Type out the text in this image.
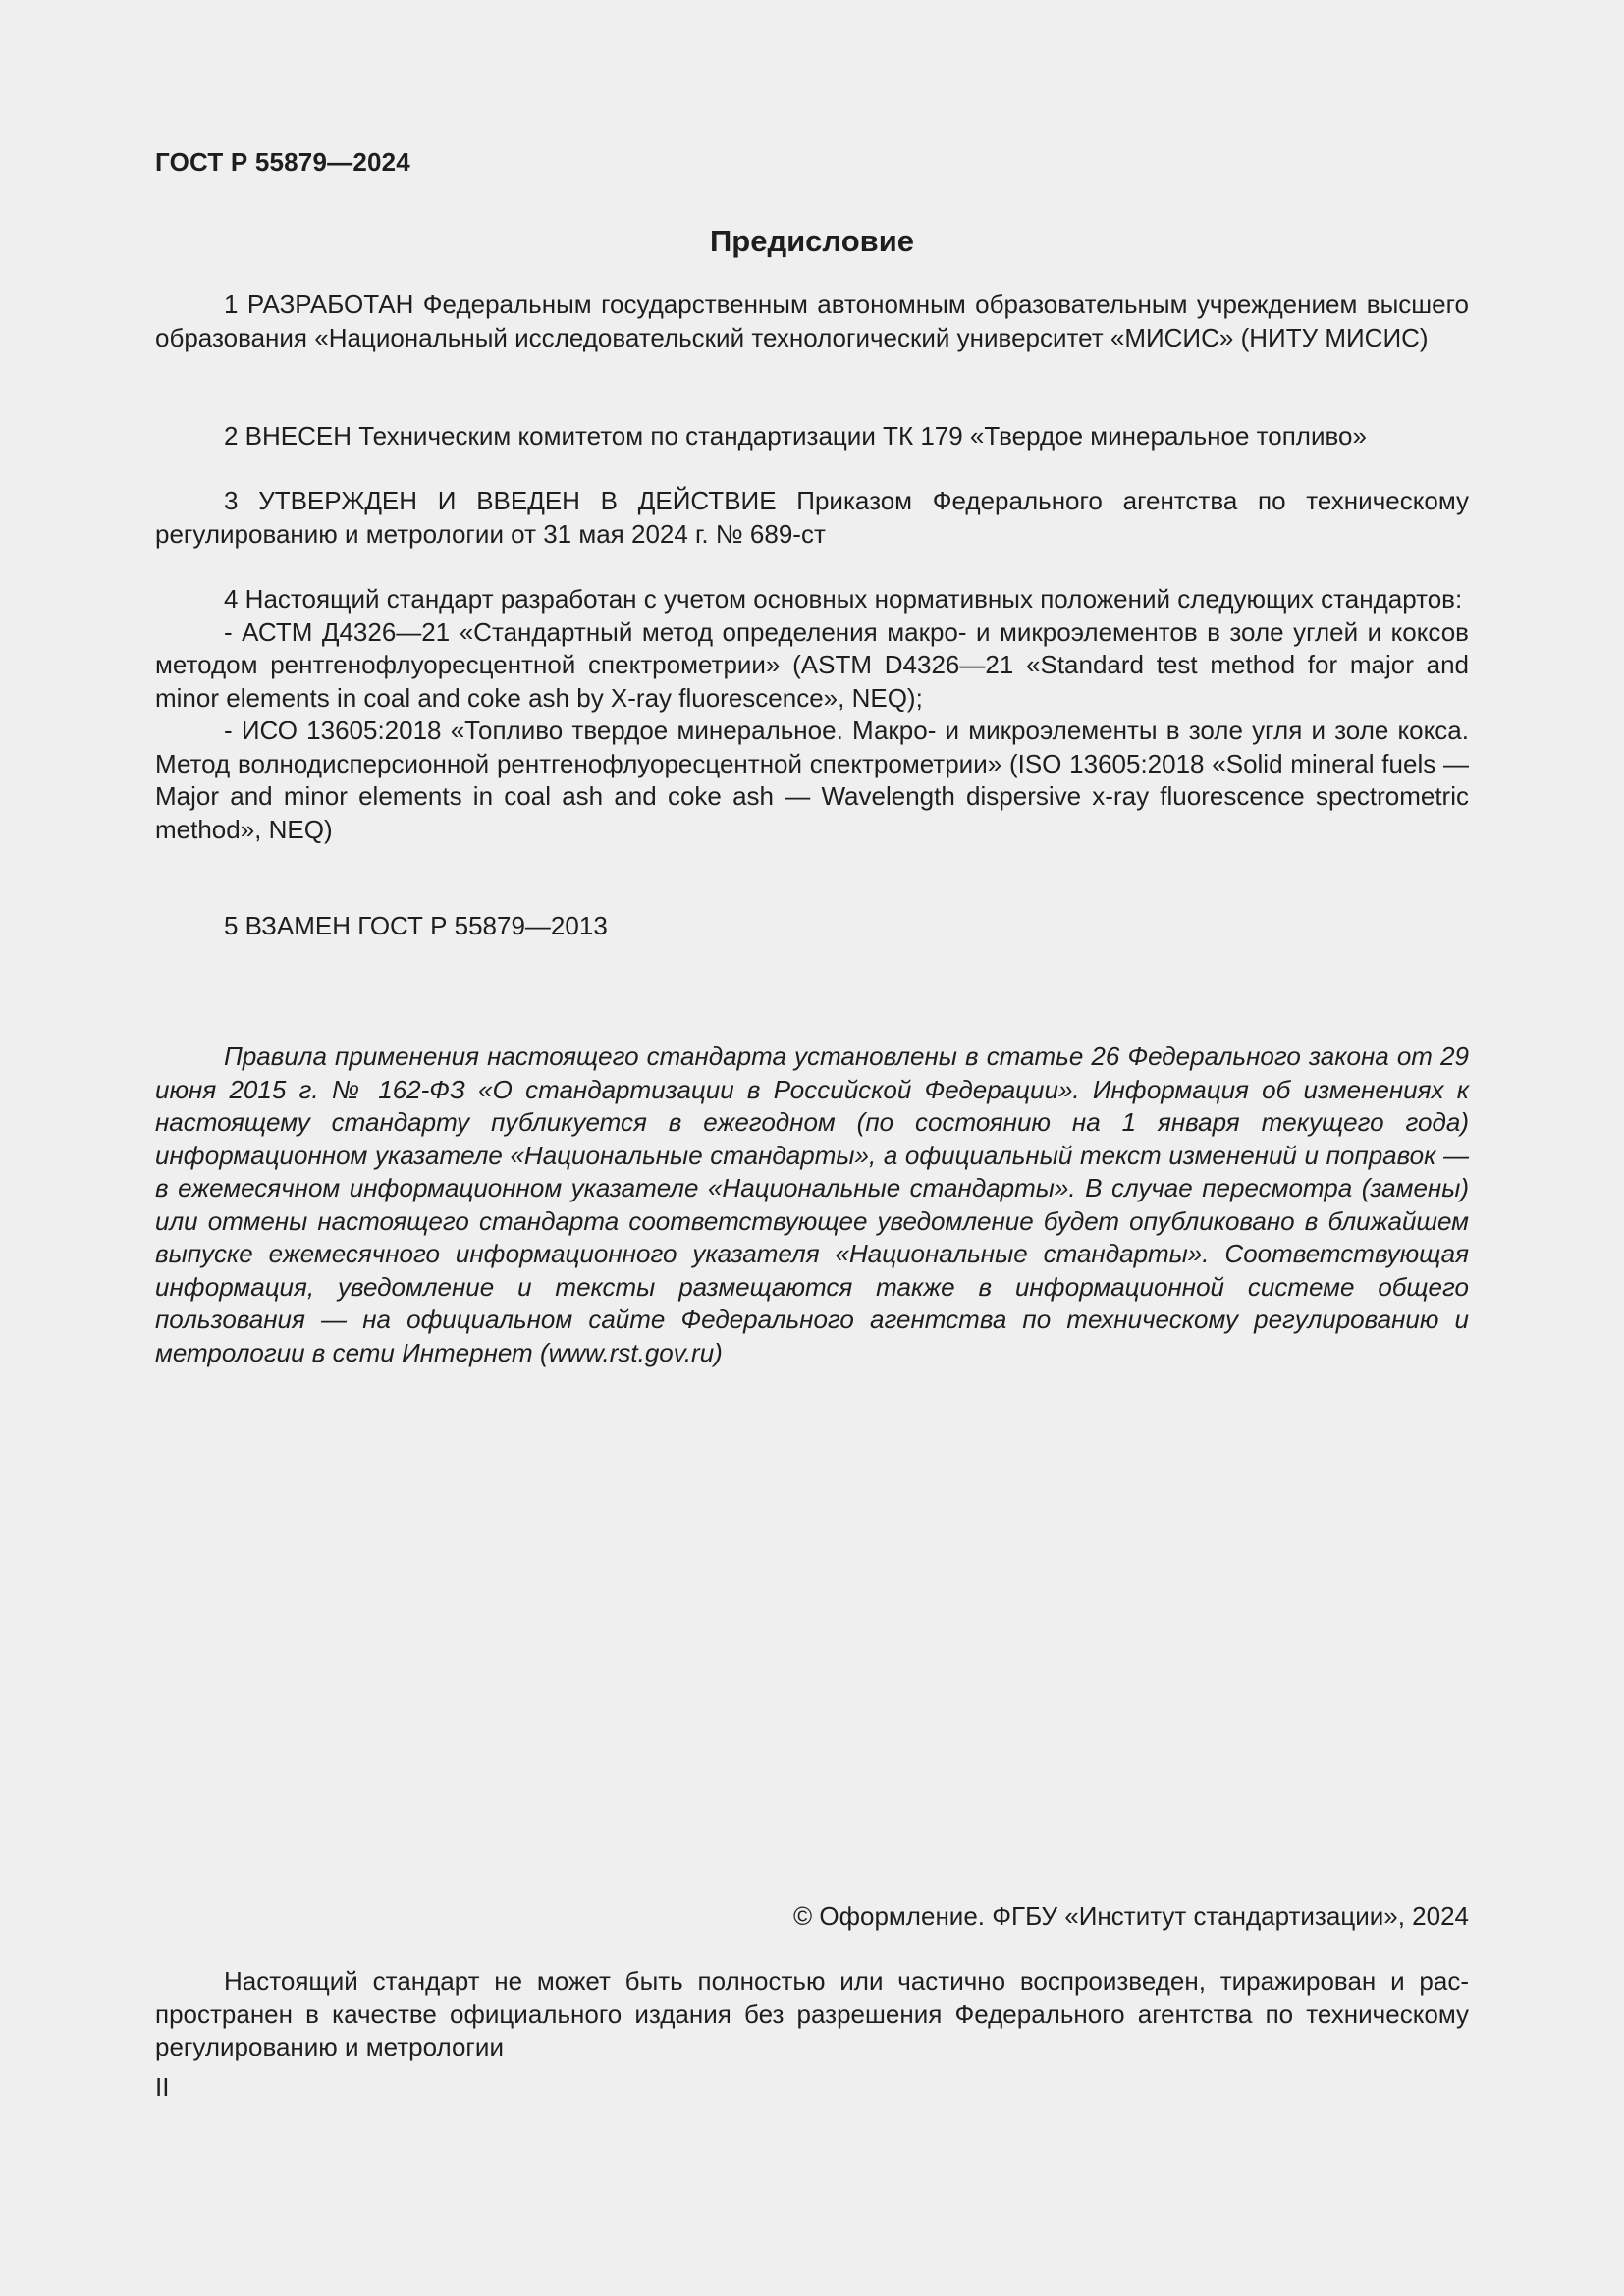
ГОСТ Р 55879—2024
Предисловие

1 РАЗРАБОТАН Федеральным государственным автономным образовательным учреждением высшего образования «Национальный исследовательский технологический университет «МИСИС» (НИТУ МИСИС)

2 ВНЕСЕН Техническим комитетом по стандартизации ТК 179 «Твердое минеральное топливо»

3 УТВЕРЖДЕН И ВВЕДЕН В ДЕЙСТВИЕ Приказом Федерального агентства по техническому регулированию и метрологии от 31 мая 2024 г. № 689-ст

4 Настоящий стандарт разработан с учетом основных нормативных положений следующих стандартов:

- АСТМ Д4326—21 «Стандартный метод определения макро- и микроэлементов в золе углей и коксов методом рентгенофлуоресцентной спектрометрии» (ASTM D4326—21 «Standard test method for major and minor elements in coal and coke ash by X-ray fluorescence», NEQ);

- ИСО 13605:2018 «Топливо твердое минеральное. Макро- и микроэлементы в золе угля и золе кокса. Метод волнодисперсионной рентгенофлуоресцентной спектрометрии» (ISO 13605:2018 «Solid mineral fuels — Major and minor elements in coal ash and coke ash — Wavelength dispersive x-ray fluorescence spectrometric method», NEQ)

5 ВЗАМЕН ГОСТ Р 55879—2013

Правила применения настоящего стандарта установлены в статье 26 Федерального закона от 29 июня 2015 г. № 162-ФЗ «О стандартизации в Российской Федерации». Информация об изменениях к настоящему стандарту публикуется в ежегодном (по состоянию на 1 января текущего года) информационном указателе «Национальные стандарты», а официальный текст изменений и поправок — в ежемесячном информационном указателе «Национальные стандарты». В случае пересмотра (замены) или отмены настоящего стандарта соответствующее уведомление будет опубликовано в ближайшем выпуске ежемесячного информационного указателя «Национальные стандарты». Соответствующая информация, уведомление и тексты размещаются также в информационной системе общего пользования — на официальном сайте Федерального агентства по техническому регулированию и метрологии в сети Интернет (www.rst.gov.ru)

© Оформление. ФГБУ «Институт стандартизации», 2024

Настоящий стандарт не может быть полностью или частично воспроизведен, тиражирован и распространен в качестве официального издания без разрешения Федерального агентства по техническому регулированию и метрологии

II
